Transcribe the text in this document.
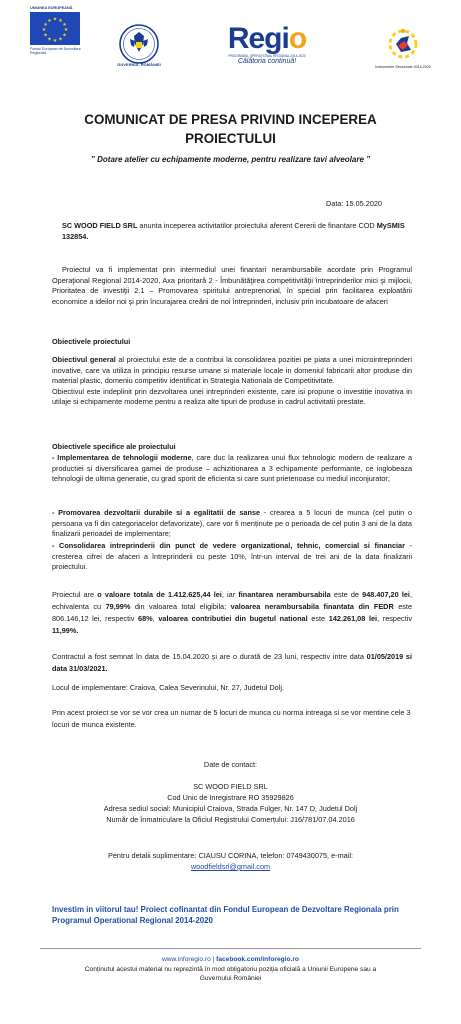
UNIUNEA EUROPEANĂ
★ ★
★
★
★
★
★
★
★
★
★
★
Fondul European de Dezvoltare Regională
GUVERNUL ROMÂNIEI
Regio
PROGRAMUL OPERAȚIONAL REGIONAL 2014-2020
Călătoria continuă!
Instrumente Structurale 2014-2020
COMUNICAT DE PRESA PRIVIND INCEPEREA
PROIECTULUI
” Dotare atelier cu echipamente moderne, pentru realizare tavi alveolare ”
Data: 15.05.2020
SC WOOD FIELD SRL anunta inceperea activitatilor proiectului aferent Cererii de finantare COD MySMIS 132854.
Proiectul va fi implementat prin intermediul unei finantari nerambursabile acordate prin Programul Operaţional Regional 2014-2020, Axa prioritară 2 - Îmbunătăţirea competitivităţii întreprinderilor mici şi mijlocii, Prioritatea de investiţii 2.1 – Promovarea spiritului antreprenorial, în special prin facilitarea exploatării economice a ideilor noi şi prin încurajarea creării de noi întreprinderi, inclusiv prin incubatoare de afaceri
Obiectivele proiectului
Obiectivul general al proiectului este de a contribui la consolidarea pozitiei pe piata a unei microintreprinderi inovative, care va utiliza in principiu resurse umane si materiale locale in domeniul fabricarii altor produse din material plastic, domeniu competitiv identificat in Strategia Nationala de Competitivitate.
Obiectivul este indeplinit prin dezvoltarea unei intreprinderi existente, care isi propune o investitie inovativa in utilaje si echipamente moderne pentru a realiza alte tipuri de produse in cadrul activitatii prestate.
Obiectivele specifice ale proiectului
- Implementarea de tehnologii moderne, care duc la realizarea unui flux tehnologic modern de realizare a productiei si diversificarea gamei de produse – achizitionarea a 3 echipamente performante, ce inglobeaza tehnologii de ultima generatie, cu grad sporit de eficienta si care sunt prietenoase cu mediul inconjurator;
- Promovarea dezvoltarii durabile si a egalitatii de sanse - crearea a 5 locuri de munca (cel putin o persoana va fi din categoriacelor defavorizate), care vor fi menținute pe o perioada de cel putin 3 ani de la data finalizarii perioadei de implementare;
- Consolidarea intreprinderii din punct de vedere organizational, tehnic, comercial si financiar - cresterea cifrei de afaceri a întreprinderii cu peste 10%, într-un interval de trei ani de la data finalizarii proiectului.
Proiectul are o valoare totala de 1.412.625,44 lei, iar finantarea nerambursabila este de 948.407,20 lei, echivalenta cu 79,99% din valoarea total eligibila; valoarea nerambursabila finantata din FEDR este 806.146,12 lei, respectiv 68%, valoarea contributiei din bugetul national este 142.261,08 lei, respectiv 11,99%.
Contractul a fost semnat în data de 15.04.2020 și are o durată de 23 luni, respectiv intre data 01/05/2019 si data 31/03/2021.
Locul de implementare: Craiova, Calea Severinului, Nr. 27, Judetul Dolj.
Prin acest proiect se vor se vor crea un numar de 5 locuri de munca cu norma intreaga si se vor mentine cele 3 locuri de munca existente.
Date de contact:
SC WOOD FIELD SRL
Cod Unic de Inregistrare RO 35929826
Adresa sediul social: Municipiul Craiova, Strada Fulger, Nr. 147 D, Judetul Dolj
Număr de înmatriculare la Oficiul Registrului Comerțului: J16/781/07.04.2016
Pentru detalii suplimentare: CIAUSU CORINA, telefon: 0749430075, e-mail:
woodfieldsrl@gmail.com
Investim in viitorul tau! Proiect cofinantat din Fondul European de Dezvoltare Regionala prin Programul Operational Regional 2014-2020
www.inforegio.ro | facebook.com/inforegio.ro
Conținutul acestui material nu reprezintă în mod obligatoriu poziția oficială a Uniunii Europene sau a Guvernului României
